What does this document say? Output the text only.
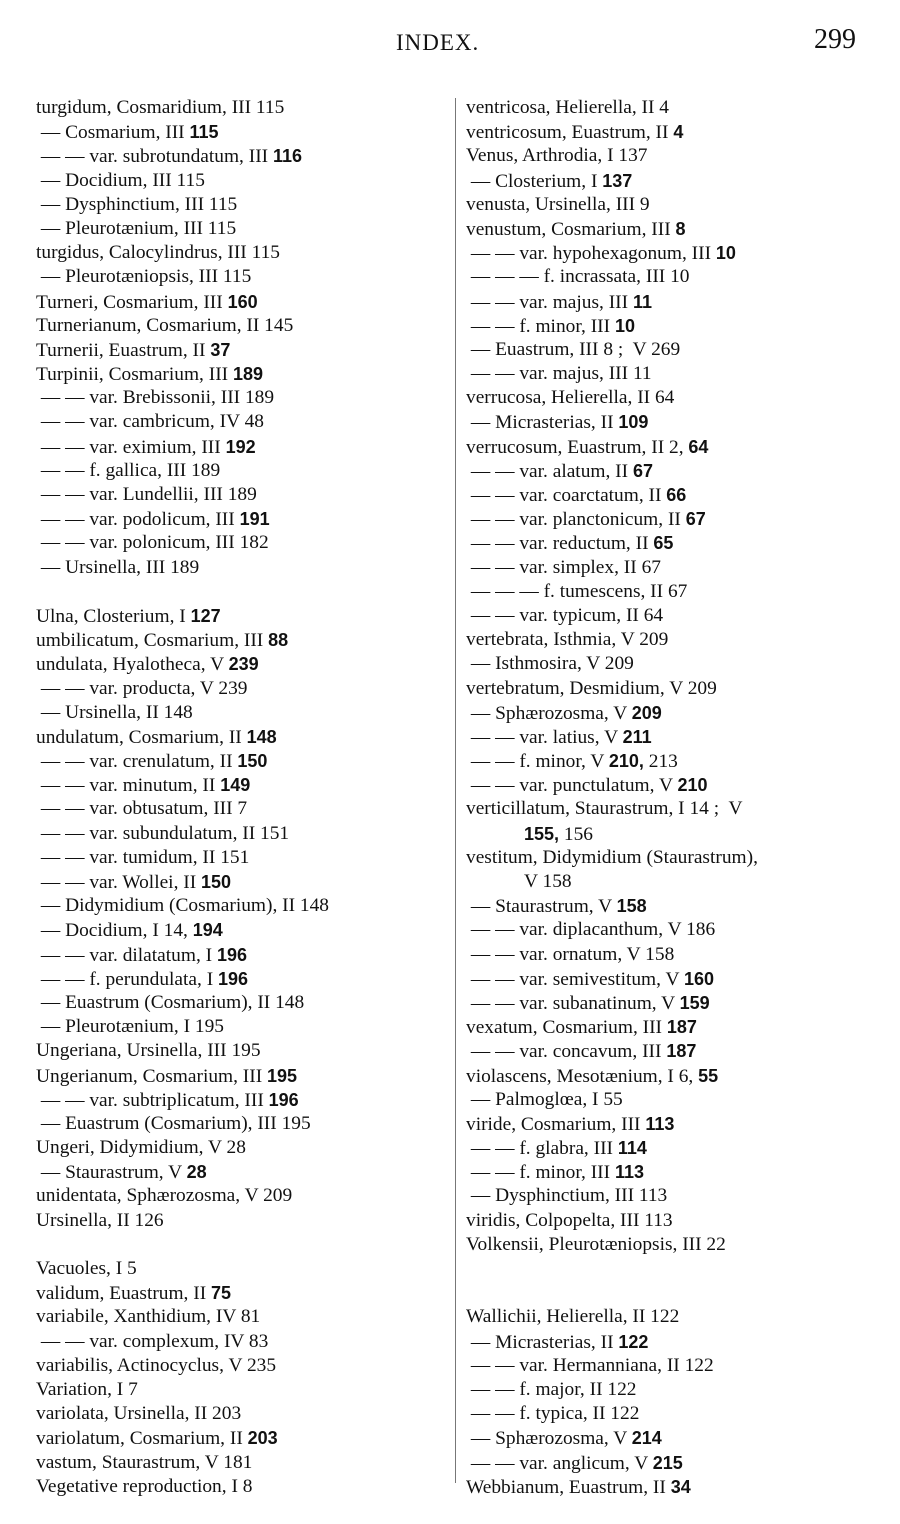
INDEX.	299
turgidum, Cosmaridium, III 115
— Cosmarium, III 115
— — var. subrotundatum, III 116
— Docidium, III 115
— Dysphinctium, III 115
— Pleurotænium, III 115
turgidus, Calocylindrus, III 115
— Pleurotæniopsis, III 115
Turneri, Cosmarium, III 160
Turnerianum, Cosmarium, II 145
Turnerii, Euastrum, II 37
Turpinii, Cosmarium, III 189
— — var. Brebissonii, III 189
— — var. cambricum, IV 48
— — var. eximium, III 192
— — f. gallica, III 189
— — var. Lundellii, III 189
— — var. podolicum, III 191
— — var. polonicum, III 182
— Ursinella, III 189
Ulna, Closterium, I 127
umbilicatum, Cosmarium, III 88
undulata, Hyalotheca, V 239
— — var. producta, V 239
— Ursinella, II 148
undulatum, Cosmarium, II 148
— — var. crenulatum, II 150
— — var. minutum, II 149
— — var. obtusatum, III 7
— — var. subundulatum, II 151
— — var. tumidum, II 151
— — var. Wollei, II 150
— Didymidium (Cosmarium), II 148
— Docidium, I 14, 194
— — var. dilatatum, I 196
— — f. perundulata, I 196
— Euastrum (Cosmarium), II 148
— Pleurotænium, I 195
Ungeriana, Ursinella, III 195
Ungerianum, Cosmarium, III 195
— — var. subtriplicatum, III 196
— Euastrum (Cosmarium), III 195
Ungeri, Didymidium, V 28
— Staurastrum, V 28
unidentata, Sphærozosma, V 209
Ursinella, II 126
Vacuoles, I 5
validum, Euastrum, II 75
variabile, Xanthidium, IV 81
— — var. complexum, IV 83
variabilis, Actinocyclus, V 235
Variation, I 7
variolata, Ursinella, II 203
variolatum, Cosmarium, II 203
vastum, Staurastrum, V 181
Vegetative reproduction, I 8
ventricosa, Helierella, II 4
ventricosum, Euastrum, II 4
Venus, Arthrodia, I 137
— Closterium, I 137
venusta, Ursinella, III 9
venustum, Cosmarium, III 8
— — var. hypohexagonum, III 10
— — — f. incrassata, III 10
— — var. majus, III 11
— — f. minor, III 10
— Euastrum, III 8 ;  V 269
— — var. majus, III 11
verrucosa, Helierella, II 64
— Micrasterias, II 109
verrucosum, Euastrum, II 2, 64
— — var. alatum, II 67
— — var. coarctatum, II 66
— — var. planctonicum, II 67
— — var. reductum, II 65
— — var. simplex, II 67
— — — f. tumescens, II 67
— — var. typicum, II 64
vertebrata, Isthmia, V 209
— Isthmosira, V 209
vertebratum, Desmidium, V 209
— Sphærozosma, V 209
— — var. latius, V 211
— — f. minor, V 210, 213
— — var. punctulatum, V 210
verticillatum, Staurastrum, I 14 ;  V
155, 156
vestitum, Didymidium (Staurastrum),
V 158
— Staurastrum, V 158
— — var. diplacanthum, V 186
— — var. ornatum, V 158
— — var. semivestitum, V 160
— — var. subanatinum, V 159
vexatum, Cosmarium, III 187
— — var. concavum, III 187
violascens, Mesotænium, I 6, 55
— Palmoglœa, I 55
viride, Cosmarium, III 113
— — f. glabra, III 114
— — f. minor, III 113
— Dysphinctium, III 113
viridis, Colpopelta, III 113
Volkensii, Pleurotæniopsis, III 22
Wallichii, Helierella, II 122
— Micrasterias, II 122
— — var. Hermanniana, II 122
— — f. major, II 122
— — f. typica, II 122
— Sphærozosma, V 214
— — var. anglicum, V 215
Webbianum, Euastrum, II 34
